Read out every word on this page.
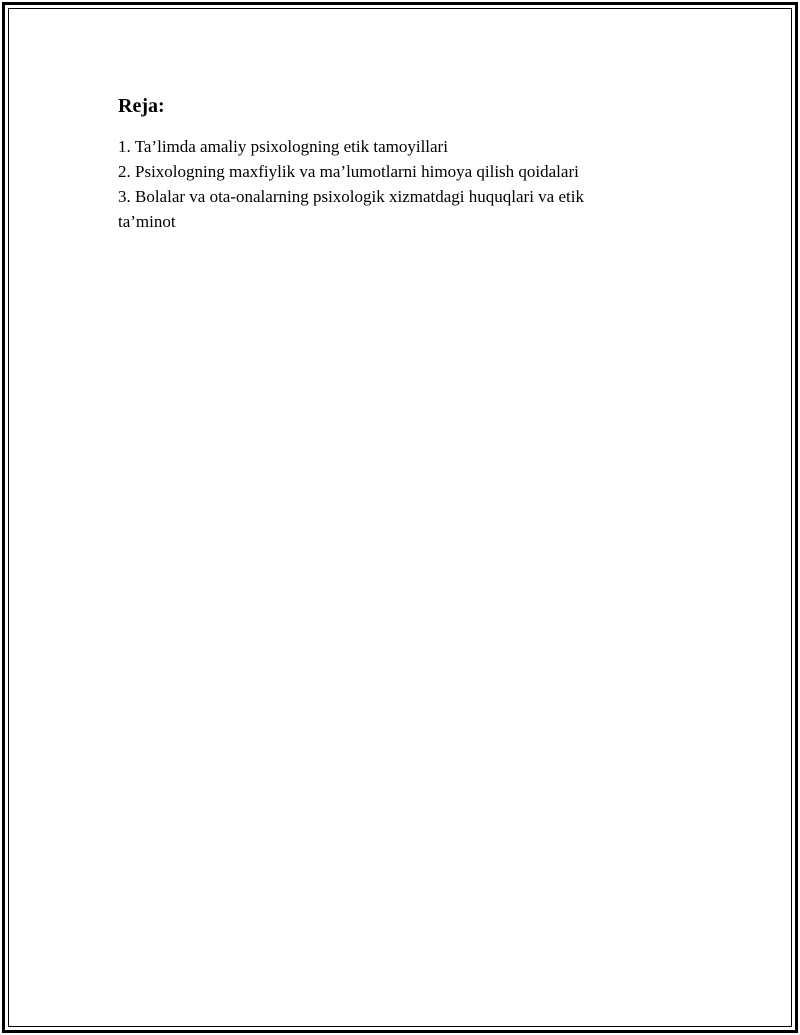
Reja:
1. Ta’limda amaliy psixologning etik tamoyillari
2. Psixologning maxfiylik va ma’lumotlarni himoya qilish qoidalari
3. Bolalar va ota-onalarning psixologik xizmatdagi huquqlari va etik ta’minot
